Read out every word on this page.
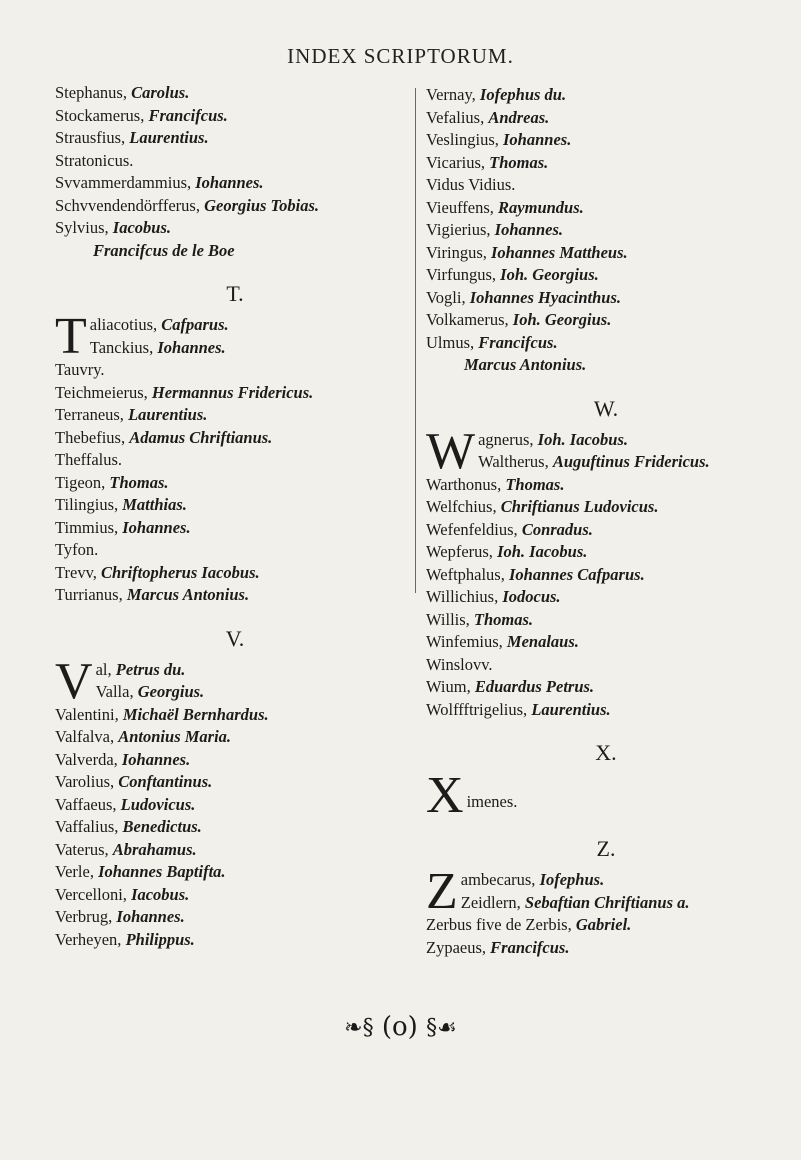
INDEX SCRIPTORUM.
Stephanus, Carolus.
Stockamerus, Francifcus.
Strausfius, Laurentius.
Stratonicus.
Svvammerdammius, Iohannes.
Schvvendendörfferus, Georgius Tobias.
Sylvius, Iacobus.
Francifcus de le Boe
T.
T aliacotius, Cafparus.
Tanckius, Iohannes.
Tauvry.
Teichmeierus, Hermannus Fridericus.
Terraneus, Laurentius.
Thebefius, Adamus Chriftianus.
Theffalus.
Tigeon, Thomas.
Tilingius, Matthias.
Timmius, Iohannes.
Tyfon.
Trevv, Chriftopherus Iacobus.
Turrianus, Marcus Antonius.
V.
V al, Petrus du.
Valla, Georgius.
Valentini, Michaël Bernhardus.
Valfalva, Antonius Maria.
Valverda, Iohannes.
Varolius, Conftantinus.
Vaffaeus, Ludovicus.
Vaffalius, Benedictus.
Vaterus, Abrahamus.
Verle, Iohannes Baptifta.
Vercelloni, Iacobus.
Verbrug, Iohannes.
Verheyen, Philippus.
Vernay, Iofephus du.
Vefalius, Andreas.
Veslingius, Iohannes.
Vicarius, Thomas.
Vidus Vidius.
Vieuffens, Raymundus.
Vigierius, Iohannes.
Viringus, Iohannes Matthеus.
Virfungus, Ioh. Georgius.
Vogli, Iohannes Hyacinthus.
Volkamerus, Ioh. Georgius.
Ulmus, Francifcus.
Marcus Antonius.
W.
W agnerus, Ioh. Iacobus.
Waltherus, Auguftinus Fridericus.
Warthonus, Thomas.
Welfchius, Chriftianus Ludovicus.
Wefenfeldius, Conradus.
Wepferus, Ioh. Iacobus.
Weftphalus, Iohannes Cafparus.
Willichius, Iodocus.
Willis, Thomas.
Winfemius, Menalaus.
Winslovv.
Wium, Eduardus Petrus.
Wolffftrigelius, Laurentius.
X.
X imenes.
Z.
Z ambecarus, Iofephus.
Zeidlern, Sebaftian Chriftianus a.
Zerbus five de Zerbis, Gabriel.
Zypaeus, Francifcus.
❧§ (o) §☙
